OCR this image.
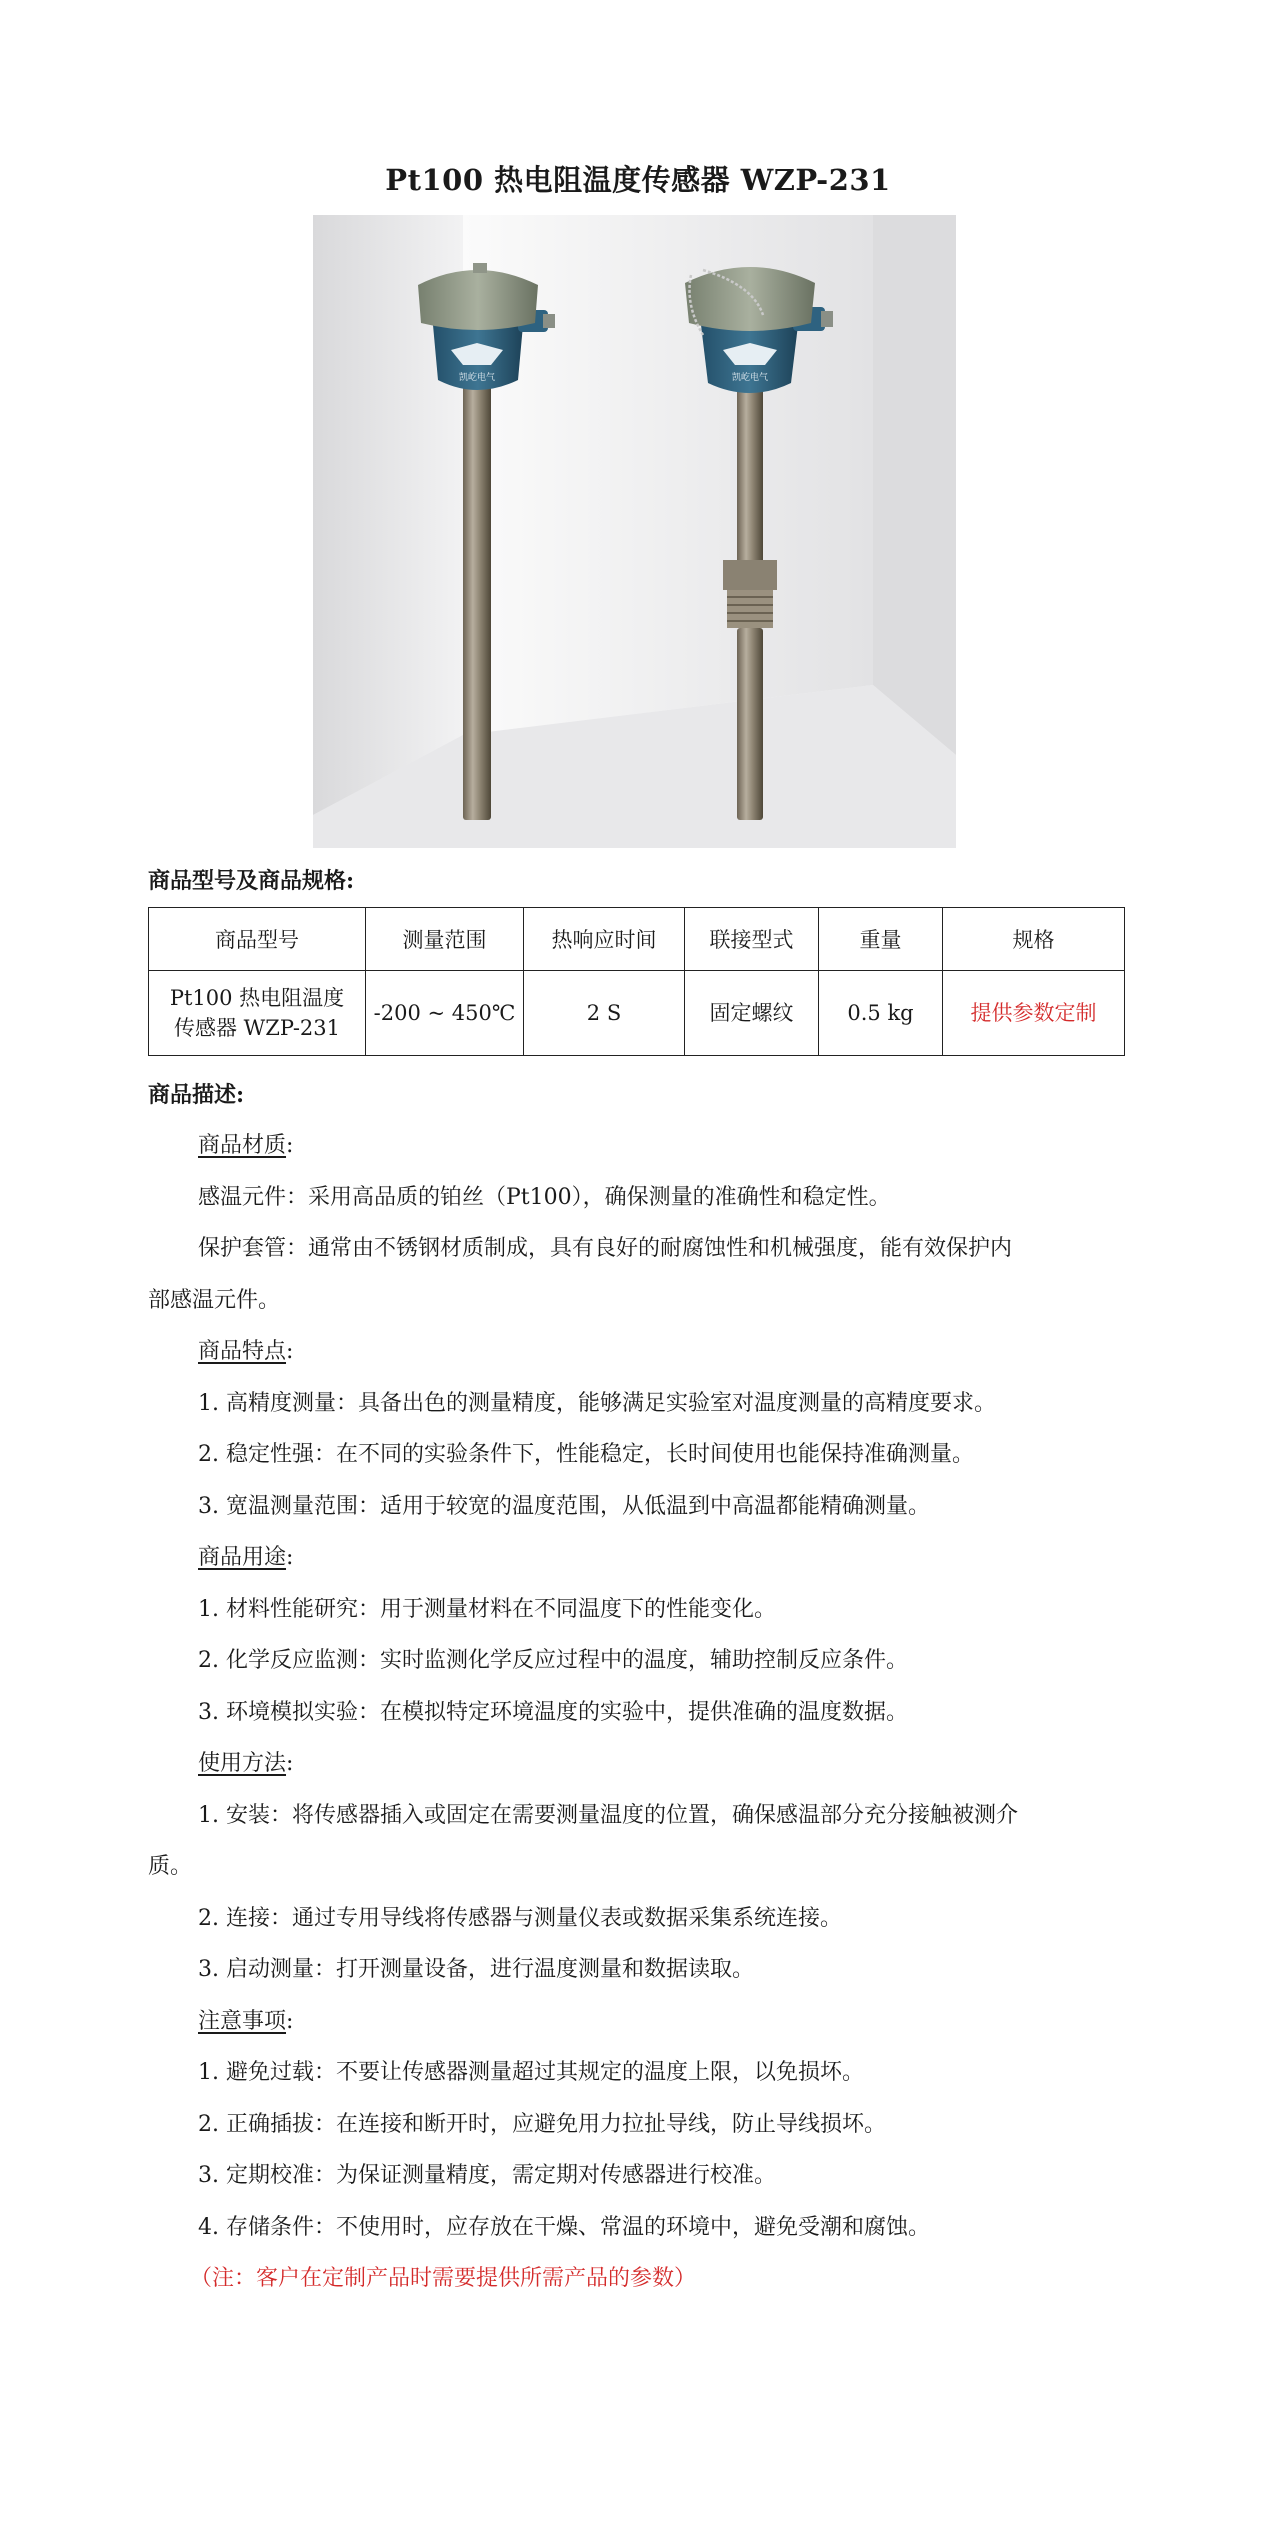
Pt100 热电阻温度传感器 WZP-231
凯屹电气	凯屹电气
商品型号及商品规格:
商品型号	测量范围	热响应时间	联接型式	重量	规格

Pt100 热电阻温度
传感器 WZP-231	-200 ~ 450℃	2 S	固定螺纹	0.5 kg	提供参数定制
商品描述:
商品材质:
感温元件：采用高品质的铂丝（Pt100），确保测量的准确性和稳定性。
保护套管：通常由不锈钢材质制成，具有良好的耐腐蚀性和机械强度，能有效保护内
部感温元件。
商品特点:
1. 高精度测量：具备出色的测量精度，能够满足实验室对温度测量的高精度要求。
2. 稳定性强：在不同的实验条件下，性能稳定，长时间使用也能保持准确测量。
3. 宽温测量范围：适用于较宽的温度范围，从低温到中高温都能精确测量。
商品用途:
1. 材料性能研究：用于测量材料在不同温度下的性能变化。
2. 化学反应监测：实时监测化学反应过程中的温度，辅助控制反应条件。
3. 环境模拟实验：在模拟特定环境温度的实验中，提供准确的温度数据。
使用方法:
1. 安装：将传感器插入或固定在需要测量温度的位置，确保感温部分充分接触被测介
质。
2. 连接：通过专用导线将传感器与测量仪表或数据采集系统连接。
3. 启动测量：打开测量设备，进行温度测量和数据读取。
注意事项:
1. 避免过载：不要让传感器测量超过其规定的温度上限，以免损坏。
2. 正确插拔：在连接和断开时，应避免用力拉扯导线，防止导线损坏。
3. 定期校准：为保证测量精度，需定期对传感器进行校准。
4. 存储条件：不使用时，应存放在干燥、常温的环境中，避免受潮和腐蚀。
（注：客户在定制产品时需要提供所需产品的参数）
